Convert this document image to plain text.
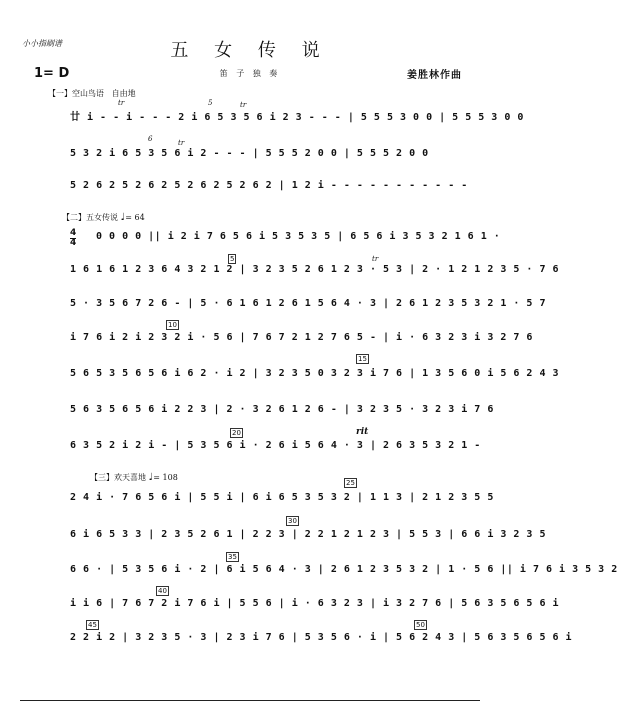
小小指刷谱	五 女 传 说
1= D	笛 子 独 奏	姜胜林作曲
【一】空山鸟语 自由地
tr	5	tr
廿 i - - i - - - 2 i 6 5 3 5 6 i 2 3 - - - | 5 5 5 3 0 0 | 5 5 5 3 0 0
6	tr
5 3 2 i 6 5 3 5 6 i 2 - - - | 5 5 5 2 0 0 | 5 5 5 2 0 0
5 2 6 2 5 2 6 2 5 2 6 2 5 2 6 2 | 1 2 i - - - - - - - - - - -
【二】五女传说 ♩= 64
$\frac{4}{4} 0$ 0 0 0 || i 2 i 7 6 5 6 i 5 3 5 3 5 | 6 5 6 i 3 5 3 2 1 6 1 ·
5	tr
1 6 1 6 1 2 3 6 4 3 2 1 2 | 3 2 3 5 2 6 1 2 3 · 5 3 | 2 · 1 2 1 2 3 5 · 7 6
5 · 3 5 6 7 2 6 - | 5 · 6 1 6 1 2 6 1 5 6 4 · 3 | 2 6 1 2 3 5 3 2 1 · 5 7
10
i 7 6 i 2 i 2 3 2 i · 5 6 | 7 6 7 2 1 2 7 6 5 - | i · 6 3 2 3 i 3 2 7 6
15
5 6 5 3 5 6 5 6 i 6 2 · i 2 | 3 2 3 5 0 3 2 3 i 7 6 | 1 3 5 6 0 i 5 6 2 4 3
5 6 3 5 6 5 6 i 2 2 3 | 2 · 3 2 6 1 2 6 - | 3 2 3 5 · 3 2 3 i 7 6
20	rit
6 3 5 2 i 2 i - | 5 3 5 6 i · 2 6 i 5 6 4 · 3 | 2 6 3 5 3 2 1 -
【三】欢天喜地 ♩= 108
25
2 4 i · 7 6 5 6 i | 5 5 i | 6 i 6 5 3 5 3 2 | 1 1 3 | 2 1 2 3 5 5
30
6 i 6 5 3 3 | 2 3 5 2 6 1 | 2 2 3 | 2 2 1 2 1 2 3 | 5 5 3 | 6 6 i 3 2 3 5
35
6 6 · | 5 3 5 6 i · 2 | 6 i 5 6 4 · 3 | 2 6 1 2 3 5 3 2 | 1 · 5 6 || i 7 6 i 3 5 3 2
40
i i 6 | 7 6 7 2 i 7 6 i | 5 5 6 | i · 6 3 2 3 | i 3 2 7 6 | 5 6 3 5 6 5 6 i
45	50
2 2 i 2 | 3 2 3 5 · 3 | 2 3 i 7 6 | 5 3 5 6 · i | 5 6 2 4 3 | 5 6 3 5 6 5 6 i
